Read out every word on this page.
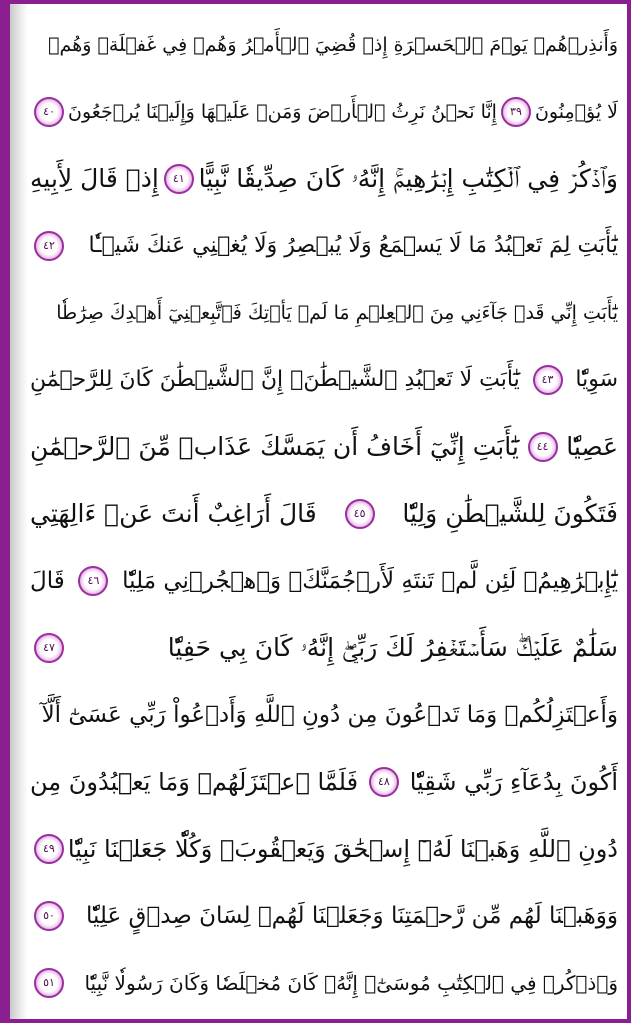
وَأَنذِرۡهُمۡ يَوۡمَ ٱلۡحَسۡرَةِ إِذۡ قُضِيَ ٱلۡأَمۡرُ وَهُمۡ فِي غَفۡلَةٖ وَهُمۡ
لَا يُؤۡمِنُونَ
٣٩
إِنَّا نَحۡنُ نَرِثُ ٱلۡأَرۡضَ وَمَنۡ عَلَيۡهَا وَإِلَيۡنَا يُرۡجَعُونَ
٤٠
وَٱذۡكُرۡ فِي ٱلۡكِتَٰبِ إِبۡرَٰهِيمَۚ إِنَّهُۥ كَانَ صِدِّيقٗا نَّبِيًّا
٤١
إِذۡ قَالَ لِأَبِيهِ
يَٰٓأَبَتِ لِمَ تَعۡبُدُ مَا لَا يَسۡمَعُ وَلَا يُبۡصِرُ وَلَا يُغۡنِي عَنكَ شَيۡـٔٗا
٤٢
يَٰٓأَبَتِ إِنِّي قَدۡ جَآءَنِي مِنَ ٱلۡعِلۡمِ مَا لَمۡ يَأۡتِكَ فَٱتَّبِعۡنِيٓ أَهۡدِكَ صِرَٰطٗا
سَوِيّٗا
٤٣
يَٰٓأَبَتِ لَا تَعۡبُدِ ٱلشَّيۡطَٰنَۖ إِنَّ ٱلشَّيۡطَٰنَ كَانَ لِلرَّحۡمَٰنِ
عَصِيّٗا
٤٤
يَٰٓأَبَتِ إِنِّيٓ أَخَافُ أَن يَمَسَّكَ عَذَابٞ مِّنَ ٱلرَّحۡمَٰنِ
فَتَكُونَ لِلشَّيۡطَٰنِ وَلِيّٗا
٤٥
قَالَ أَرَاغِبٌ أَنتَ عَنۡ ءَالِهَتِي
يَٰٓإِبۡرَٰهِيمُۖ لَئِن لَّمۡ تَنتَهِ لَأَرۡجُمَنَّكَۖ وَٱهۡجُرۡنِي مَلِيّٗا
٤٦
قَالَ
سَلَٰمٌ عَلَيۡكَۖ سَأَسۡتَغۡفِرُ لَكَ رَبِّيٓۖ إِنَّهُۥ كَانَ بِي حَفِيّٗا
٤٧
وَأَعۡتَزِلُكُمۡ وَمَا تَدۡعُونَ مِن دُونِ ٱللَّهِ وَأَدۡعُواْ رَبِّي عَسَىٰٓ أَلَّآ
أَكُونَ بِدُعَآءِ رَبِّي شَقِيّٗا
٤٨
فَلَمَّا ٱعۡتَزَلَهُمۡ وَمَا يَعۡبُدُونَ مِن
دُونِ ٱللَّهِ وَهَبۡنَا لَهُۥٓ إِسۡحَٰقَ وَيَعۡقُوبَۖ وَكُلّٗا جَعَلۡنَا نَبِيّٗا
٤٩
وَوَهَبۡنَا لَهُم مِّن رَّحۡمَتِنَا وَجَعَلۡنَا لَهُمۡ لِسَانَ صِدۡقٍ عَلِيّٗا
٥٠
وَٱذۡكُرۡ فِي ٱلۡكِتَٰبِ مُوسَىٰٓۚ إِنَّهُۥ كَانَ مُخۡلَصٗا وَكَانَ رَسُولٗا نَّبِيّٗا
٥١
